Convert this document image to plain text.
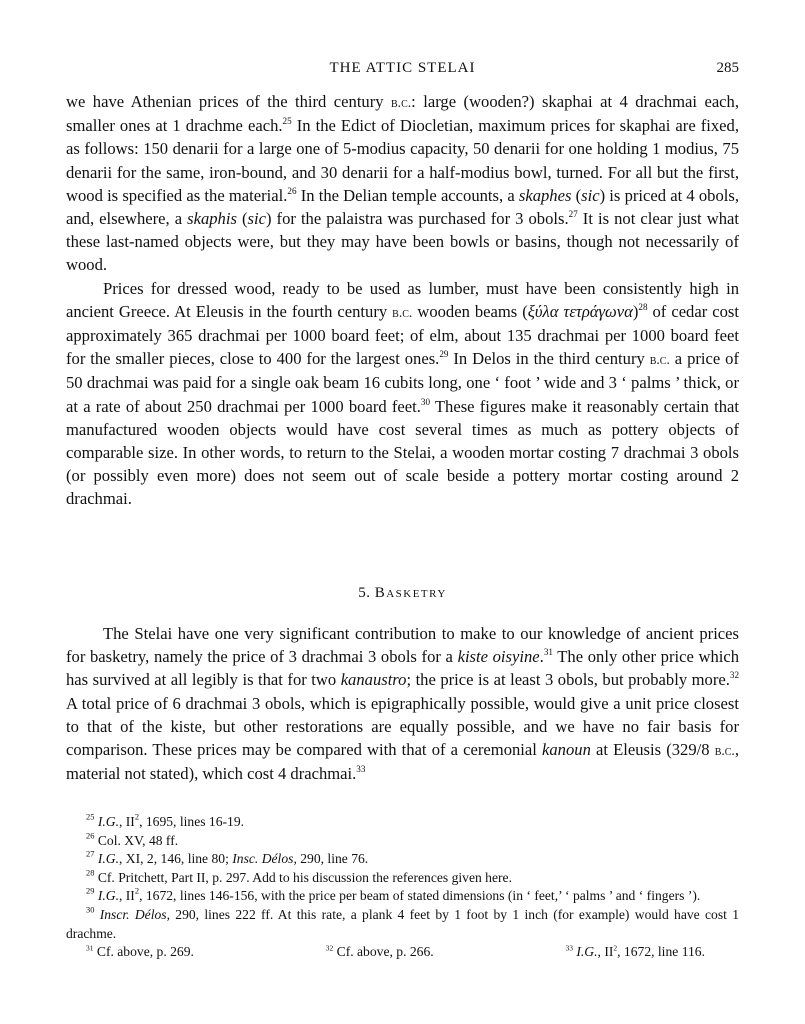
THE ATTIC STELAI	285

we have Athenian prices of the third century b.c.: large (wooden?) skaphai at 4 drachmai each, smaller ones at 1 drachme each.$^{25}$ In the Edict of Diocletian, maximum prices for skaphai are fixed, as follows: 150 denarii for a large one of 5-modius capacity, 50 denarii for one holding 1 modius, 75 denarii for the same, iron-bound, and 30 denarii for a half-modius bowl, turned. For all but the first, wood is specified as the material.$^{26}$ In the Delian temple accounts, a skaphes (sic) is priced at 4 obols, and, elsewhere, a skaphis (sic) for the palaistra was purchased for 3 obols.$^{27}$ It is not clear just what these last-named objects were, but they may have been bowls or basins, though not necessarily of wood.

Prices for dressed wood, ready to be used as lumber, must have been consistently high in ancient Greece. At Eleusis in the fourth century b.c. wooden beams (ξύλα τετράγωνα)$^{28}$ of cedar cost approximately 365 drachmai per 1000 board feet; of elm, about 135 drachmai per 1000 board feet for the smaller pieces, close to 400 for the largest ones.$^{29}$ In Delos in the third century b.c. a price of 50 drachmai was paid for a single oak beam 16 cubits long, one ‘ foot ’ wide and 3 ‘ palms ’ thick, or at a rate of about 250 drachmai per 1000 board feet.$^{30}$ These figures make it reasonably certain that manufactured wooden objects would have cost several times as much as pottery objects of comparable size. In other words, to return to the Stelai, a wooden mortar costing 7 drachmai 3 obols (or possibly even more) does not seem out of scale beside a pottery mortar costing around 2 drachmai.

5. Basketry

The Stelai have one very significant contribution to make to our knowledge of ancient prices for basketry, namely the price of 3 drachmai 3 obols for a kiste oisyine.$^{31}$ The only other price which has survived at all legibly is that for two kanaustro; the price is at least 3 obols, but probably more.$^{32}$ A total price of 6 drachmai 3 obols, which is epigraphically possible, would give a unit price closest to that of the kiste, but other restorations are equally possible, and we have no fair basis for comparison. These prices may be compared with that of a ceremonial kanoun at Eleusis (329/8 b.c., material not stated), which cost 4 drachmai.$^{33}$

$^{25}$ I.G., $II^2$, 1695, lines 16-19.

$^{26}$ Col. XV, 48 ff.

$^{27}$ I.G., XI, 2, 146, line 80; Insc. Délos, 290, line 76.

$^{28}$ Cf. Pritchett, Part II, p. 297. Add to his discussion the references given here.

$^{29}$ I.G., $II^2$, 1672, lines 146-156, with the price per beam of stated dimensions (in ‘ feet,’ ‘ palms ’ and ‘ fingers ’).

$^{30}$ Inscr. Délos, 290, lines 222 ff. At this rate, a plank 4 feet by 1 foot by 1 inch (for example) would have cost 1 drachme.

$^{31}$ Cf. above, p. 269.	$^{32}$ Cf. above, p. 266.	$^{33}$ I.G., $II^2$, 1672, line 116.
